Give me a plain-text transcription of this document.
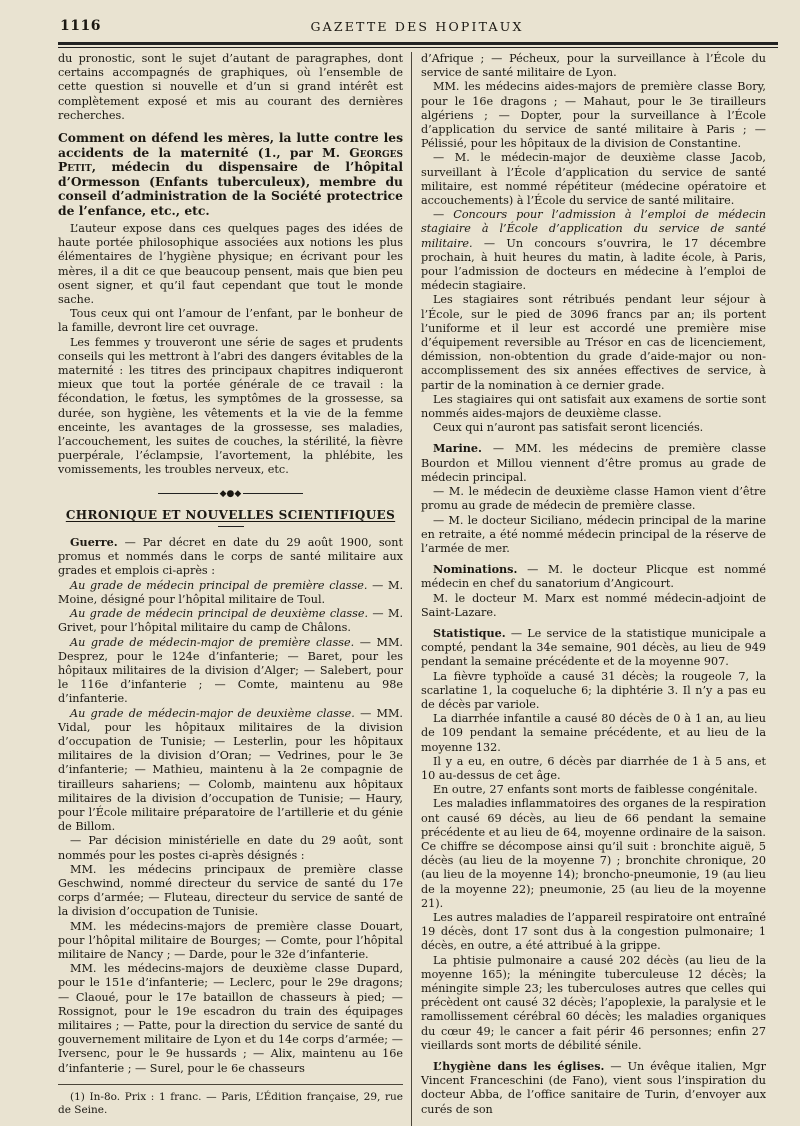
1116	GAZETTE DES HOPITAUX

du pronostic, sont le sujet d’autant de paragraphes, dont certains accompagnés de graphiques, où l’ensemble de cette question si nouvelle et d’un si grand intérêt est complètement exposé et mis au courant des dernières recherches.

Comment on défend les mères, la lutte contre les accidents de la maternité (1., par M. Georges Petit, médecin du dispensaire de l’hôpital d’Ormesson (Enfants tuberculeux), membre du conseil d’administration de la Société protectrice de l’enfance, etc., etc.

L’auteur expose dans ces quelques pages des idées de haute portée philosophique associées aux notions les plus élémentaires de l’hygiène physique; en écrivant pour les mères, il a dit ce que beaucoup pensent, mais que bien peu osent signer, et qu’il faut cependant que tout le monde sache.

Tous ceux qui ont l’amour de l’enfant, par le bonheur de la famille, devront lire cet ouvrage.

Les femmes y trouveront une série de sages et prudents conseils qui les mettront à l’abri des dangers évitables de la maternité : les titres des principaux chapitres indiqueront mieux que tout la portée générale de ce travail : la fécondation, le fœtus, les symptômes de la grossesse, sa durée, son hygiène, les vêtements et la vie de la femme enceinte, les avantages de la grossesse, ses maladies, l’accouchement, les suites de couches, la stérilité, la fièvre puerpérale, l’éclampsie, l’avortement, la phlébite, les vomissements, les troubles nerveux, etc.

◆●◆
CHRONIQUE ET NOUVELLES SCIENTIFIQUES

Guerre. — Par décret en date du 29 août 1900, sont promus et nommés dans le corps de santé militaire aux grades et emplois ci-après :

Au grade de médecin principal de première classe. — M. Moine, désigné pour l’hôpital militaire de Toul.

Au grade de médecin principal de deuxième classe. — M. Grivet, pour l’hôpital militaire du camp de Châlons.

Au grade de médecin-major de première classe. — MM. Desprez, pour le 124e d’infanterie; — Baret, pour les hôpitaux militaires de la division d’Alger; — Salebert, pour le 116e d’infanterie ; — Comte, maintenu au 98e d’infanterie.

Au grade de médecin-major de deuxième classe. — MM. Vidal, pour les hôpitaux militaires de la division d’occupation de Tunisie; — Lesterlin, pour les hôpitaux militaires de la division d’Oran; — Vedrines, pour le 3e d’infanterie; — Mathieu, maintenu à la 2e compagnie de tirailleurs sahariens; — Colomb, maintenu aux hôpitaux militaires de la division d’occupation de Tunisie; — Haury, pour l’École militaire préparatoire de l’artillerie et du génie de Billom.

— Par décision ministérielle en date du 29 août, sont nommés pour les postes ci-après désignés :

MM. les médecins principaux de première classe Geschwind, nommé directeur du service de santé du 17e corps d’armée; — Fluteau, directeur du service de santé de la division d’occupation de Tunisie.

MM. les médecins-majors de première classe Douart, pour l’hôpital militaire de Bourges; — Comte, pour l’hôpital militaire de Nancy ; — Darde, pour le 32e d’infanterie.

MM. les médecins-majors de deuxième classe Dupard, pour le 151e d’infanterie; — Leclerc, pour le 29e dragons; — Claoué, pour le 17e bataillon de chasseurs à pied; — Rossignot, pour le 19e escadron du train des équipages militaires ; — Patte, pour la direction du service de santé du gouvernement militaire de Lyon et du 14e corps d’armée; — Iversenc, pour le 9e hussards ; — Alix, maintenu au 16e d’infanterie ; — Surel, pour le 6e chasseurs

(1) In-8o. Prix : 1 franc. — Paris, L’Édition française, 29, rue de Seine.

d’Afrique ; — Pécheux, pour la surveillance à l’École du service de santé militaire de Lyon.

MM. les médecins aides-majors de première classe Bory, pour le 16e dragons ; — Mahaut, pour le 3e tirailleurs algériens ; — Dopter, pour la surveillance à l’École d’application du service de santé militaire à Paris ; — Pélissié, pour les hôpitaux de la division de Constantine.

— M. le médecin-major de deuxième classe Jacob, surveillant à l’École d’application du service de santé militaire, est nommé répétiteur (médecine opératoire et accouchements) à l’École du service de santé militaire.

— Concours pour l’admission à l’emploi de médecin stagiaire à l’École d’application du service de santé militaire. — Un concours s’ouvrira, le 17 décembre prochain, à huit heures du matin, à ladite école, à Paris, pour l’admission de docteurs en médecine à l’emploi de médecin stagiaire.

Les stagiaires sont rétribués pendant leur séjour à l’École, sur le pied de 3096 francs par an; ils portent l’uniforme et il leur est accordé une première mise d’équipement reversible au Trésor en cas de licenciement, démission, non-obtention du grade d’aide-major ou non-accomplissement des six années effectives de service, à partir de la nomination à ce dernier grade.

Les stagiaires qui ont satisfait aux examens de sortie sont nommés aides-majors de deuxième classe.

Ceux qui n’auront pas satisfait seront licenciés.

Marine. — MM. les médecins de première classe Bourdon et Millou viennent d’être promus au grade de médecin principal.

— M. le médecin de deuxième classe Hamon vient d’être promu au grade de médecin de première classe.

— M. le docteur Siciliano, médecin principal de la marine en retraite, a été nommé médecin principal de la réserve de l’armée de mer.

Nominations. — M. le docteur Plicque est nommé médecin en chef du sanatorium d’Angicourt.

M. le docteur M. Marx est nommé médecin-adjoint de Saint-Lazare.

Statistique. — Le service de la statistique municipale a compté, pendant la 34e semaine, 901 décès, au lieu de 949 pendant la semaine précédente et de la moyenne 907.

La fièvre typhoïde a causé 31 décès; la rougeole 7, la scarlatine 1, la coqueluche 6; la diphtérie 3. Il n’y a pas eu de décès par variole.

La diarrhée infantile a causé 80 décès de 0 à 1 an, au lieu de 109 pendant la semaine précédente, et au lieu de la moyenne 132.

Il y a eu, en outre, 6 décès par diarrhée de 1 à 5 ans, et 10 au-dessus de cet âge.

En outre, 27 enfants sont morts de faiblesse congénitale.

Les maladies inflammatoires des organes de la respiration ont causé 69 décès, au lieu de 66 pendant la semaine précédente et au lieu de 64, moyenne ordinaire de la saison. Ce chiffre se décompose ainsi qu’il suit : bronchite aiguë, 5 décès (au lieu de la moyenne 7) ; bronchite chronique, 20 (au lieu de la moyenne 14); broncho-pneumonie, 19 (au lieu de la moyenne 22); pneumonie, 25 (au lieu de la moyenne 21).

Les autres maladies de l’appareil respiratoire ont entraîné 19 décès, dont 17 sont dus à la congestion pulmonaire; 1 décès, en outre, a été attribué à la grippe.

La phtisie pulmonaire a causé 202 décès (au lieu de la moyenne 165); la méningite tuberculeuse 12 décès; la méningite simple 23; les tuberculoses autres que celles qui précèdent ont causé 32 décès; l’apoplexie, la paralysie et le ramollissement cérébral 60 décès; les maladies organiques du cœur 49; le cancer a fait périr 46 personnes; enfin 27 vieillards sont morts de débilité sénile.

L’hygiène dans les églises. — Un évêque italien, Mgr Vincent Franceschini (de Fano), vient sous l’inspiration du docteur Abba, de l’office sanitaire de Turin, d’envoyer aux curés de son
